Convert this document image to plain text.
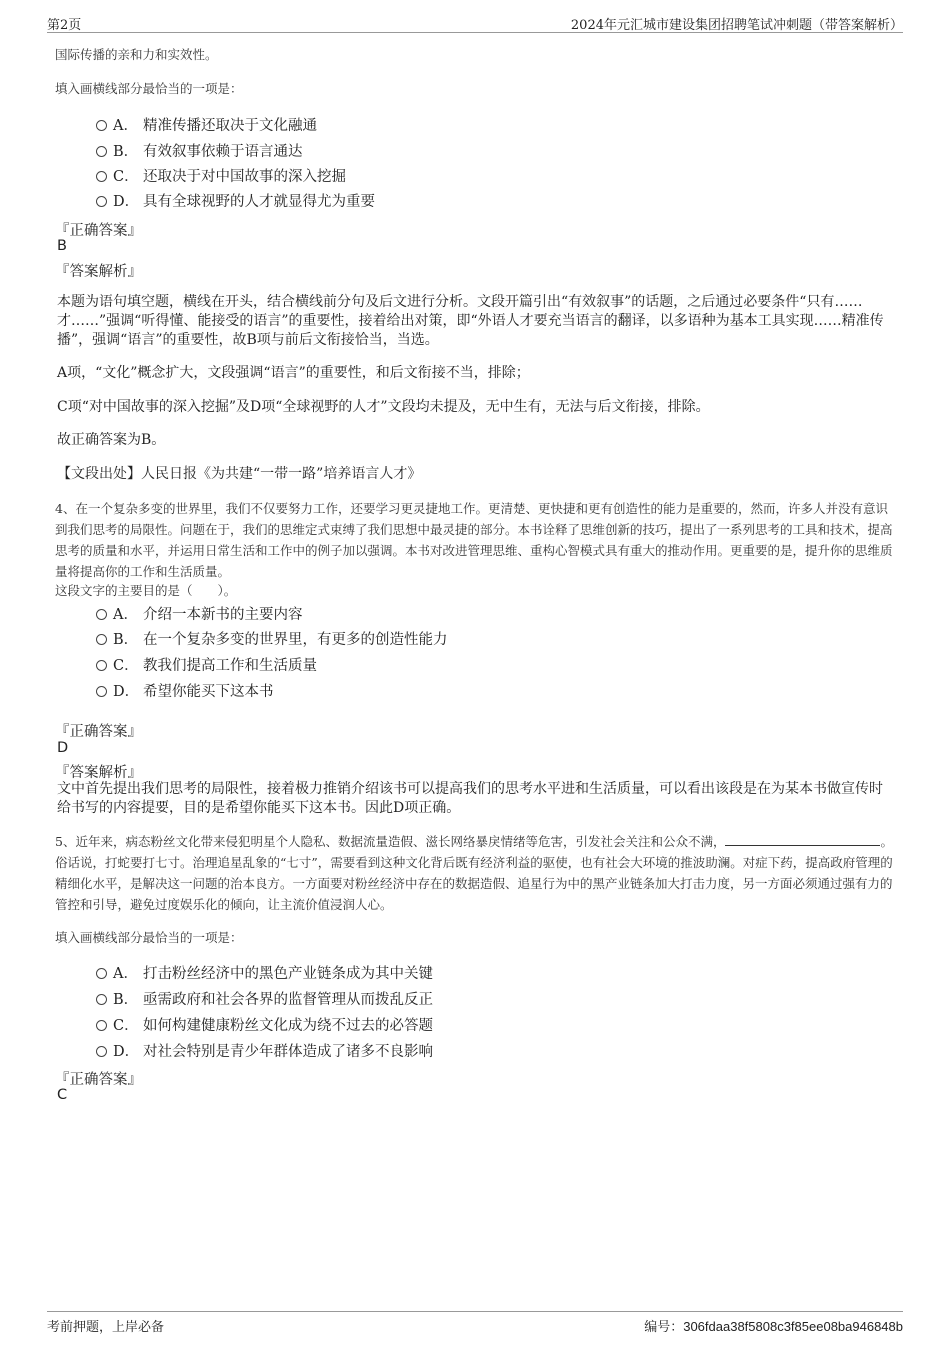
第2页	2024年元汇城市建设集团招聘笔试冲刺题（带答案解析）
国际传播的亲和力和实效性。
填入画横线部分最恰当的一项是：
A． 精准传播还取决于文化融通
B． 有效叙事依赖于语言通达
C． 还取决于对中国故事的深入挖掘
D． 具有全球视野的人才就显得尤为重要
『正确答案』
B
『答案解析』
本题为语句填空题，横线在开头，结合横线前分句及后文进行分析。文段开篇引出“有效叙事”的话题，之后通过必要条件“只有……才……”强调“听得懂、能接受的语言”的重要性，接着给出对策，即“外语人才要充当语言的翻译，以多语种为基本工具实现……精准传播”，强调“语言”的重要性，故B项与前后文衔接恰当，当选。
A项，“文化”概念扩大，文段强调“语言”的重要性，和后文衔接不当，排除；
C项“对中国故事的深入挖掘”及D项“全球视野的人才”文段均未提及，无中生有，无法与后文衔接，排除。
故正确答案为B。
【文段出处】人民日报《为共建“一带一路”培养语言人才》
4、在一个复杂多变的世界里，我们不仅要努力工作，还要学习更灵捷地工作。更清楚、更快捷和更有创造性的能力是重要的，然而，许多人并没有意识到我们思考的局限性。问题在于，我们的思维定式束缚了我们思想中最灵捷的部分。本书诠释了思维创新的技巧，提出了一系列思考的工具和技术，提高思考的质量和水平，并运用日常生活和工作中的例子加以强调。本书对改进管理思维、重构心智模式具有重大的推动作用。更重要的是，提升你的思维质量将提高你的工作和生活质量。
这段文字的主要目的是（　　）。
A． 介绍一本新书的主要内容
B． 在一个复杂多变的世界里，有更多的创造性能力
C． 教我们提高工作和生活质量
D． 希望你能买下这本书
『正确答案』
D
『答案解析』
文中首先提出我们思考的局限性，接着极力推销介绍该书可以提高我们的思考水平进和生活质量，可以看出该段是在为某本书做宣传时给书写的内容提要，目的是希望你能买下这本书。因此D项正确。
5、近年来，病态粉丝文化带来侵犯明星个人隐私、数据流量造假、滋长网络暴戾情绪等危害，引发社会关注和公众不满，	。俗话说，打蛇要打七寸。治理追星乱象的“七寸”，需要看到这种文化背后既有经济利益的驱使，也有社会大环境的推波助澜。对症下药，提高政府管理的精细化水平，是解决这一问题的治本良方。一方面要对粉丝经济中存在的数据造假、追星行为中的黑产业链条加大打击力度，另一方面必须通过强有力的管控和引导，避免过度娱乐化的倾向，让主流价值浸润人心。
填入画横线部分最恰当的一项是：
A． 打击粉丝经济中的黑色产业链条成为其中关键
B． 亟需政府和社会各界的监督管理从而拨乱反正
C． 如何构建健康粉丝文化成为绕不过去的必答题
D． 对社会特别是青少年群体造成了诸多不良影响
『正确答案』
C
考前押题，上岸必备	编号：306fdaa38f5808c3f85ee08ba946848b
